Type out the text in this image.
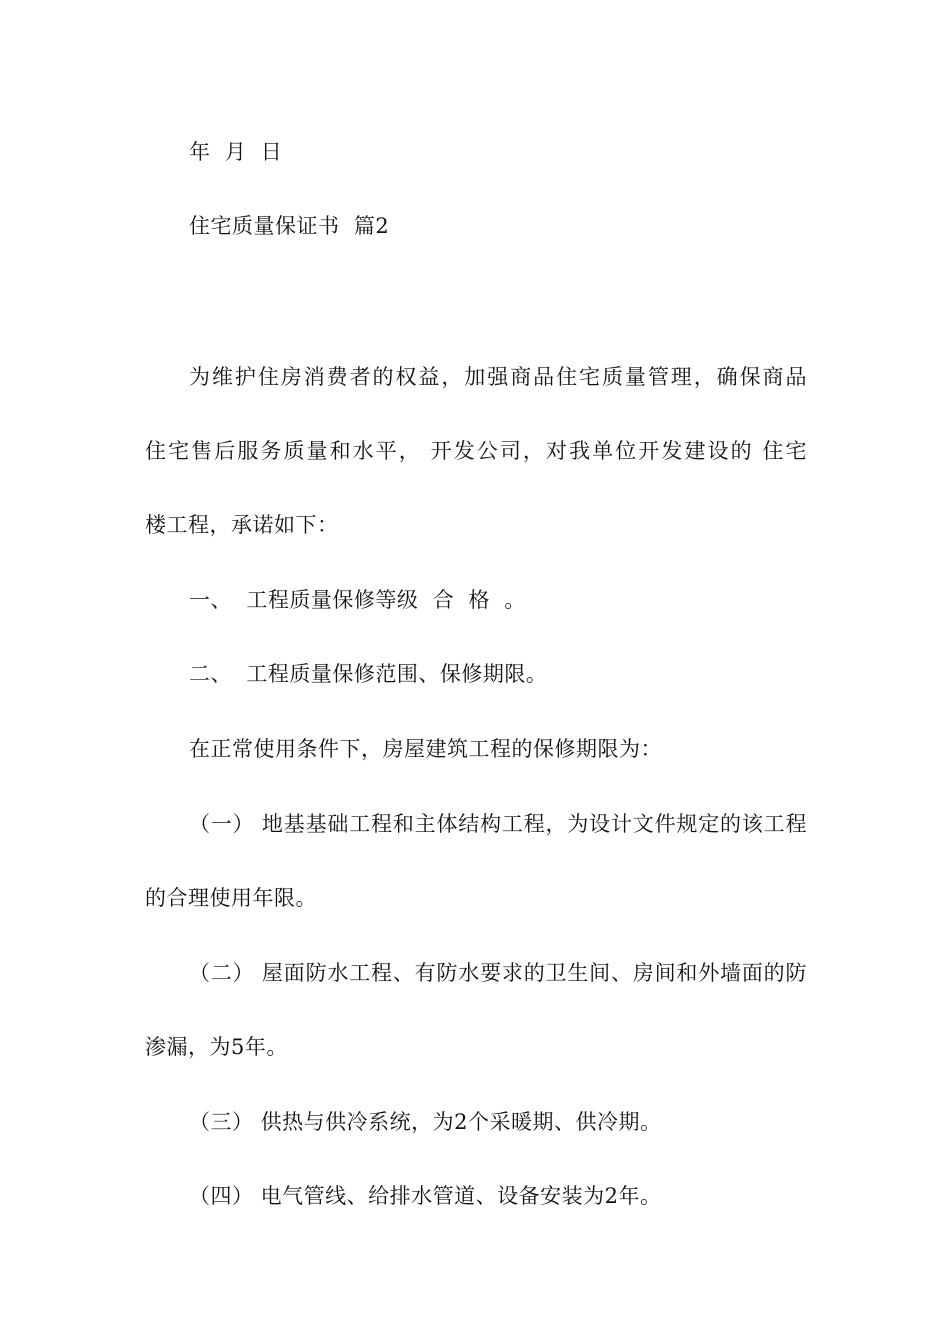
年  月  日
住宅质量保证书  篇2
为维护住房消费者的权益，加强商品住宅质量管理，确保商品
住宅售后服务质量和水平， 开发公司，对我单位开发建设的 住宅
楼工程，承诺如下：
一、  工程质量保修等级  合  格  。
二、  工程质量保修范围、保修期限。
在正常使用条件下，房屋建筑工程的保修期限为：
（一） 地基基础工程和主体结构工程，为设计文件规定的该工程
的合理使用年限。
（二） 屋面防水工程、有防水要求的卫生间、房间和外墙面的防
渗漏，为5年。
（三） 供热与供冷系统，为2个采暖期、供冷期。
（四） 电气管线、给排水管道、设备安装为2年。
